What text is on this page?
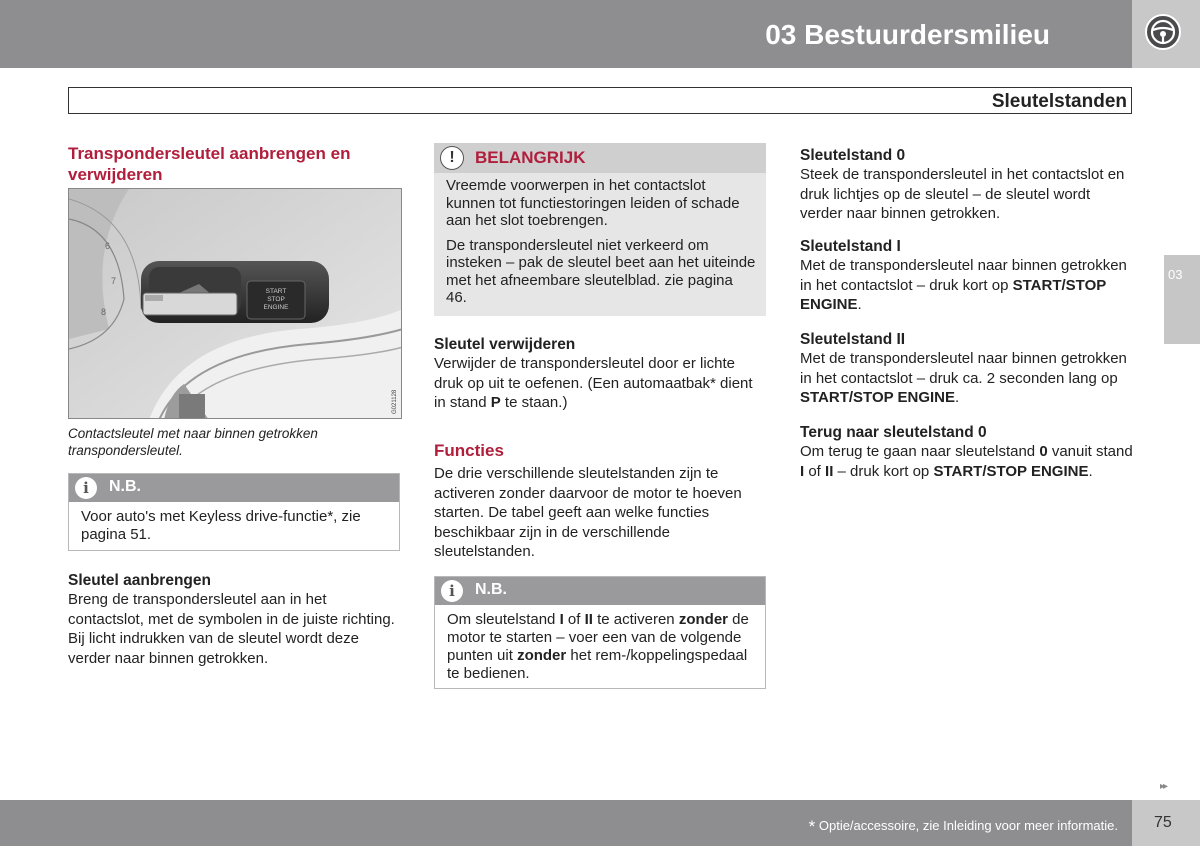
03 Bestuurdersmilieu
Sleutelstanden
Transpondersleutel aanbrengen en verwijderen
START
STOP
ENGINE
6
7
8
G021128
Contactsleutel met naar binnen getrokken transpondersleutel.
i	N.B.
Voor auto's met Keyless drive-functie*, zie pagina 51.
Sleutel aanbrengen
Breng de transpondersleutel aan in het contactslot, met de symbolen in de juiste richting. Bij licht indrukken van de sleutel wordt deze verder naar binnen getrokken.
!	BELANGRIJK

Vreemde voorwerpen in het contactslot kunnen tot functiestoringen leiden of schade aan het slot toebrengen.

De transpondersleutel niet verkeerd om insteken – pak de sleutel beet aan het uiteinde met het afneembare sleutelblad. zie pagina 46.

Sleutel verwijderen
Verwijder de transpondersleutel door er lichte druk op uit te oefenen. (Een automaatbak* dient in stand P te staan.)
Functies
De drie verschillende sleutelstanden zijn te activeren zonder daarvoor de motor te hoeven starten. De tabel geeft aan welke functies beschikbaar zijn in de verschillende sleutelstanden.
i	N.B.
Om sleutelstand I of II te activeren zonder de motor te starten – voer een van de volgende punten uit zonder het rem-/koppelingspedaal te bedienen.
Sleutelstand 0
Steek de transpondersleutel in het contactslot en druk lichtjes op de sleutel – de sleutel wordt verder naar binnen getrokken.
Sleutelstand I
Met de transpondersleutel naar binnen getrokken in het contactslot – druk kort op START/STOP ENGINE.
Sleutelstand II
Met de transpondersleutel naar binnen getrokken in het contactslot – druk ca. 2 seconden lang op START/STOP ENGINE.
Terug naar sleutelstand 0
Om terug te gaan naar sleutelstand 0 vanuit stand I of II – druk kort op START/STOP ENGINE.
03
▸▸
* Optie/accessoire, zie Inleiding voor meer informatie. 75
